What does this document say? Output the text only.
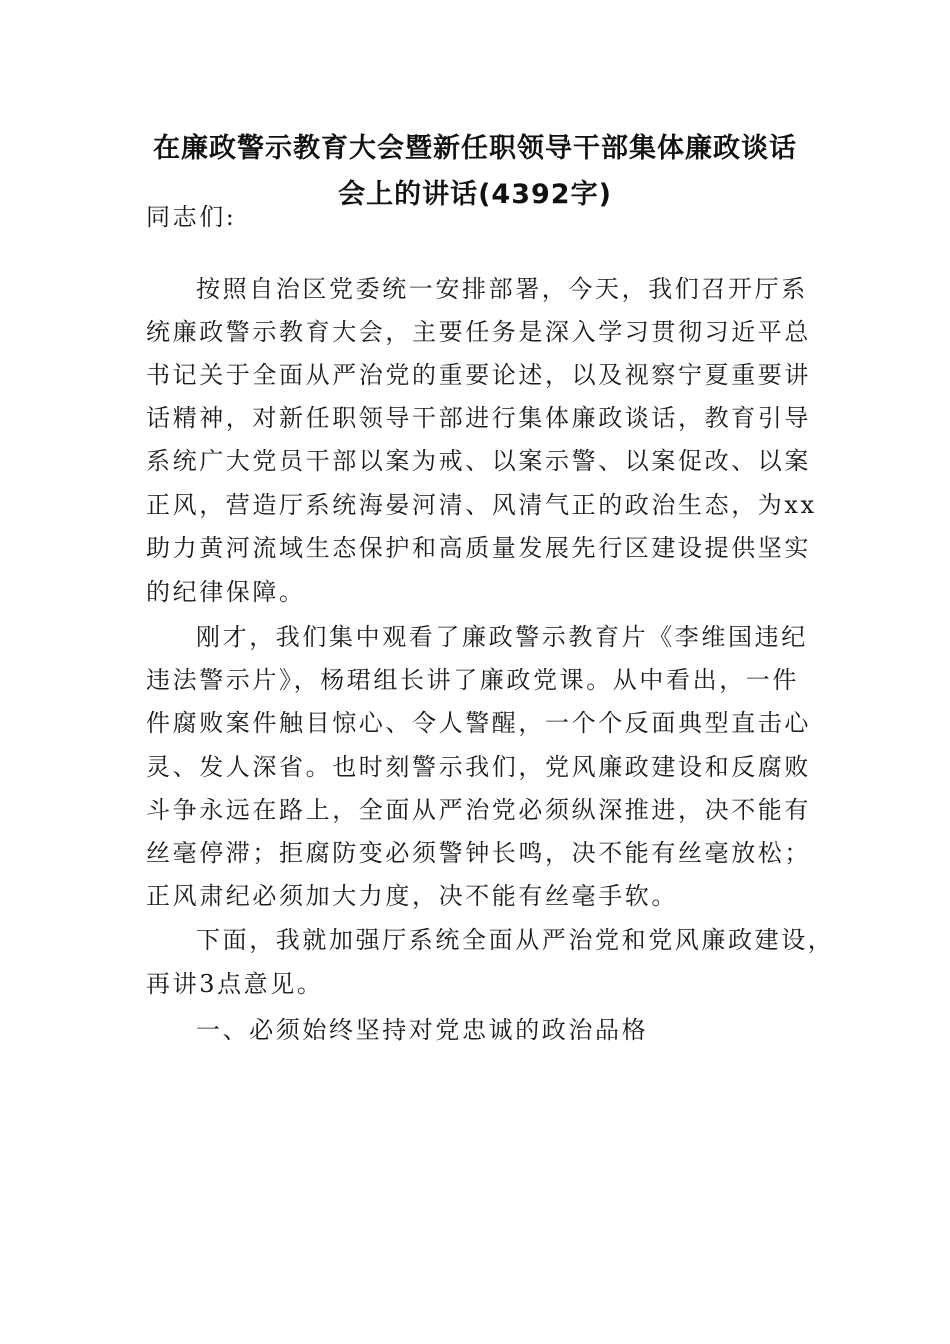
在廉政警示教育大会暨新任职领导干部集体廉政谈话
会上的讲话(4392字)
同志们:
按照自治区党委统一安排部署，今天，我们召开厅系
统廉政警示教育大会，主要任务是深入学习贯彻习近平总
书记关于全面从严治党的重要论述，以及视察宁夏重要讲
话精神，对新任职领导干部进行集体廉政谈话，教育引导
系统广大党员干部以案为戒、以案示警、以案促改、以案
正风，营造厅系统海晏河清、风清气正的政治生态，为xx
助力黄河流域生态保护和高质量发展先行区建设提供坚实
的纪律保障。
刚才，我们集中观看了廉政警示教育片《李维国违纪
违法警示片》，杨珺组长讲了廉政党课。从中看出，一件
件腐败案件触目惊心、令人警醒，一个个反面典型直击心
灵、发人深省。也时刻警示我们，党风廉政建设和反腐败
斗争永远在路上，全面从严治党必须纵深推进，决不能有
丝毫停滞；拒腐防变必须警钟长鸣，决不能有丝毫放松；
正风肃纪必须加大力度，决不能有丝毫手软。
下面，我就加强厅系统全面从严治党和党风廉政建设，
再讲3点意见。
一、必须始终坚持对党忠诚的政治品格
